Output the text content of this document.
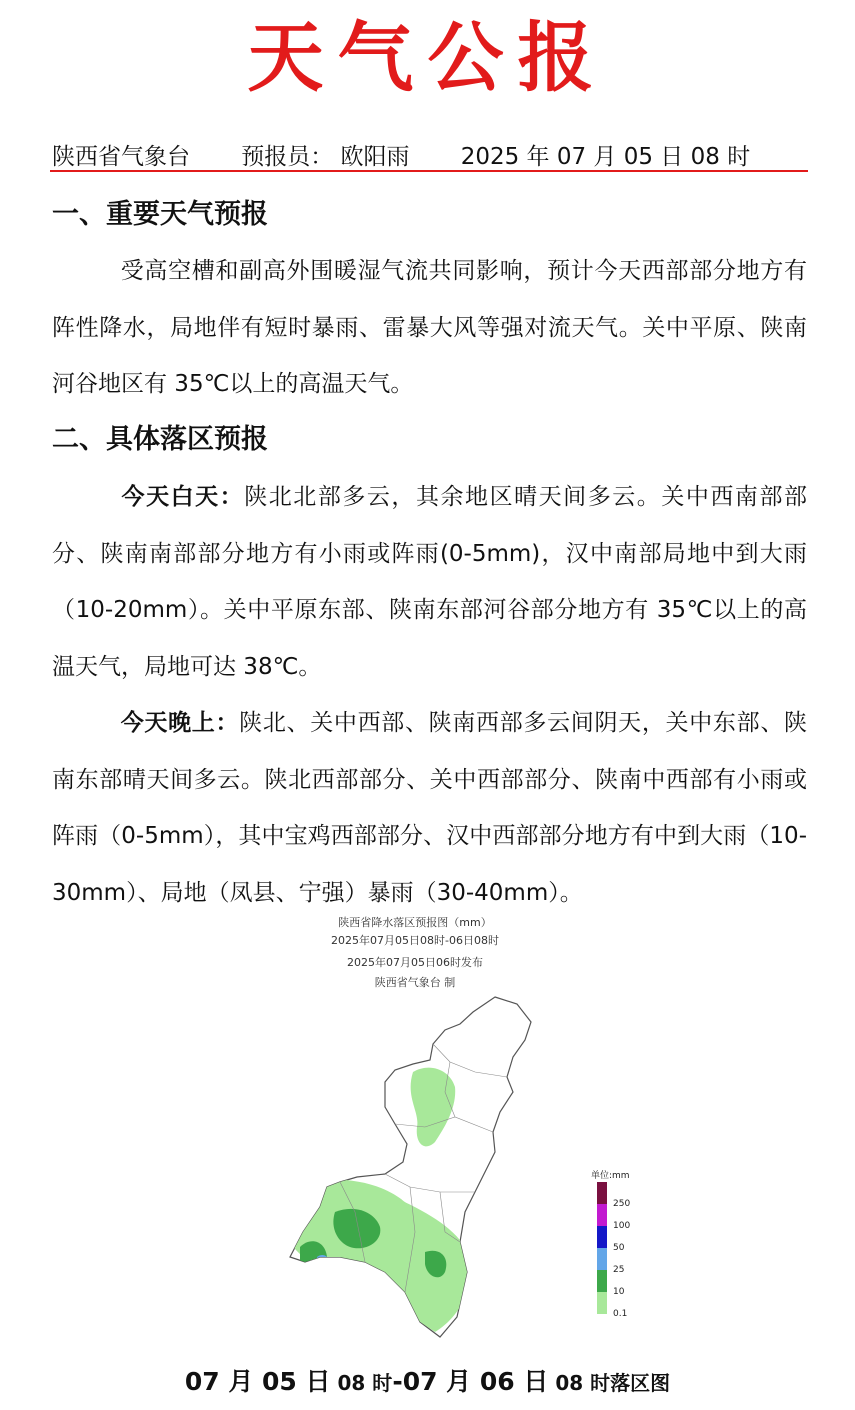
天气公报
陕西省气象台 预报员： 欧阳雨 2025 年 07 月 05 日 08 时
一、重要天气预报
受高空槽和副高外围暖湿气流共同影响，预计今天西部部分地方有阵性降水，局地伴有短时暴雨、雷暴大风等强对流天气。关中平原、陕南河谷地区有 35℃以上的高温天气。
二、具体落区预报
今天白天：陕北北部多云，其余地区晴天间多云。关中西南部部分、陕南南部部分地方有小雨或阵雨(0-5mm)，汉中南部局地中到大雨（10-20mm）。关中平原东部、陕南东部河谷部分地方有 35℃以上的高温天气，局地可达 38℃。
今天晚上：陕北、关中西部、陕南西部多云间阴天，关中东部、陕南东部晴天间多云。陕北西部部分、关中西部部分、陕南中西部有小雨或阵雨（0-5mm），其中宝鸡西部部分、汉中西部部分地方有中到大雨（10-30mm）、局地（凤县、宁强）暴雨（30-40mm）。
陕西省降水落区预报图（mm）
2025年07月05日08时-06日08时
2025年07月05日06时发布
陕西省气象台 制
单位:mm
250
100
50
25
10
0.1
07 月 05 日 08 时-07 月 06 日 08 时落区图
